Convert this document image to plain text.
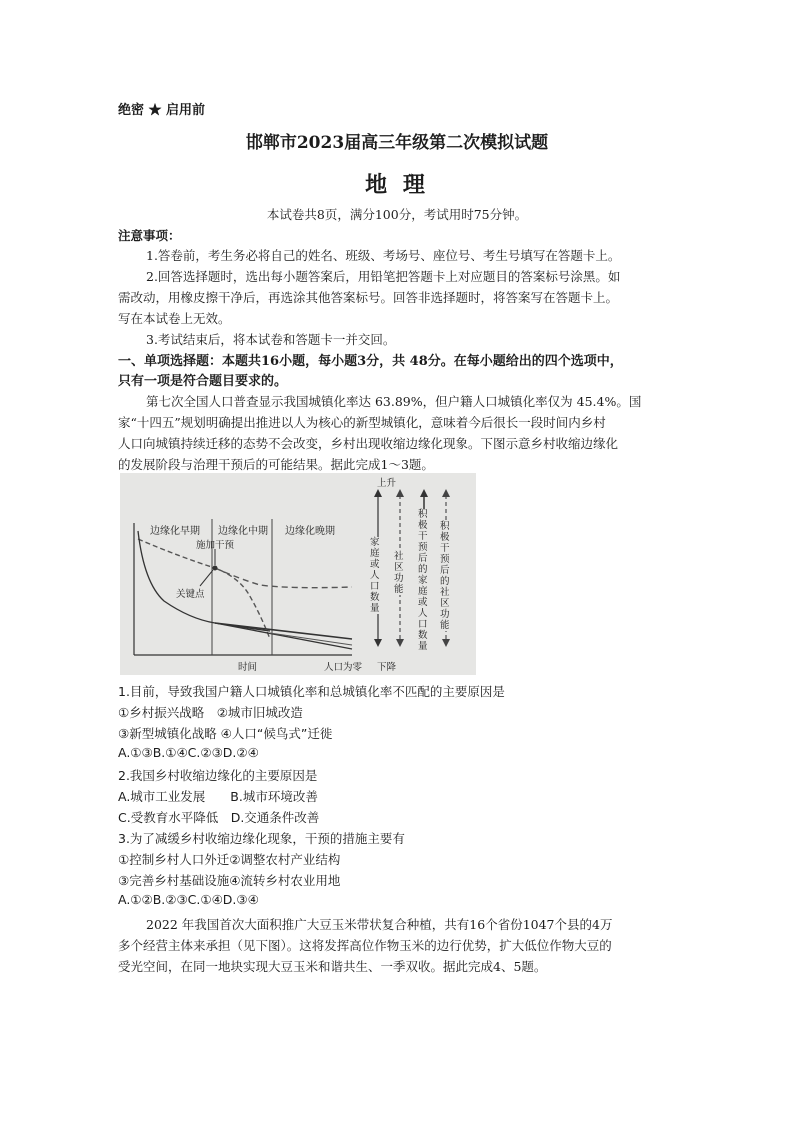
绝密 ★ 启用前
邯郸市2023届高三年级第二次模拟试题
地 理
本试卷共8页，满分100分，考试用时75分钟。
注意事项：
1.答卷前，考生务必将自己的姓名、班级、考场号、座位号、考生号填写在答题卡上。
2.回答选择题时，选出每小题答案后，用铅笔把答题卡上对应题目的答案标号涂黑。如
需改动，用橡皮擦干净后，再选涂其他答案标号。回答非选择题时，将答案写在答题卡上。
写在本试卷上无效。
3.考试结束后，将本试卷和答题卡一并交回。
一、单项选择题：本题共16小题，每小题3分，共 48分。在每小题给出的四个选项中，
只有一项是符合题目要求的。
第七次全国人口普查显示我国城镇化率达 63.89%，但户籍人口城镇化率仅为 45.4%。国
家“十四五”规划明确提出推进以人为核心的新型城镇化，意味着今后很长一段时间内乡村
人口向城镇持续迁移的态势不会改变，乡村出现收缩边缘化现象。下图示意乡村收缩边缘化
的发展阶段与治理干预后的可能结果。据此完成1～3题。
边缘化早期 边缘化中期 边缘化晚期
施加干预
关键点
时间	人口为零
上升
下降
家庭或人口数量
社区功能
积极干预后的家庭或人口数量
积极干预后的社区功能
1.目前，导致我国户籍人口城镇化率和总城镇化率不匹配的主要原因是
①乡村振兴战略　②城市旧城改造
③新型城镇化战略 ④人口“候鸟式”迁徙
A.①③B.①④C.②③D.②④
2.我国乡村收缩边缘化的主要原因是
A.城市工业发展　　B.城市环境改善
C.受教育水平降低　D.交通条件改善
3.为了减缓乡村收缩边缘化现象，干预的措施主要有
①控制乡村人口外迁②调整农村产业结构
③完善乡村基础设施④流转乡村农业用地
A.①②B.②③C.①④D.③④
2022 年我国首次大面积推广大豆玉米带状复合种植，共有16个省份1047个县的4万
多个经营主体来承担（见下图）。这将发挥高位作物玉米的边行优势，扩大低位作物大豆的
受光空间，在同一地块实现大豆玉米和谐共生、一季双收。据此完成4、5题。
